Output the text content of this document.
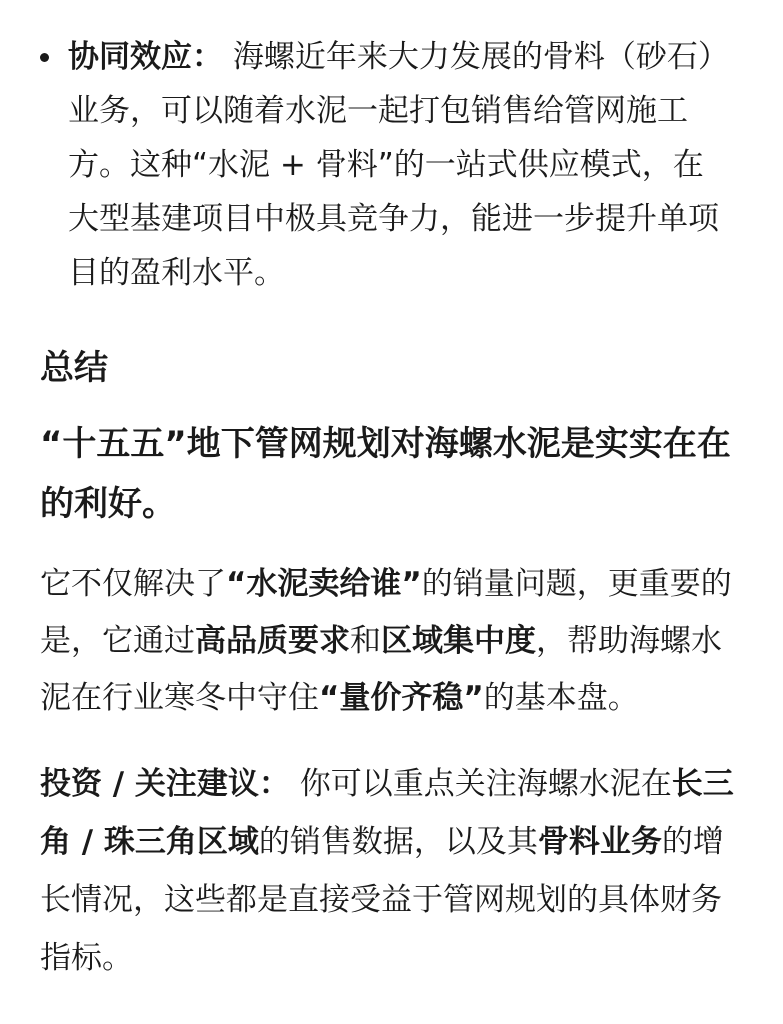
协同效应： 海螺近年来大力发展的骨料（砂石）业务，可以随着水泥一起打包销售给管网施工方。这种“水泥 + 骨料”的一站式供应模式，在大型基建项目中极具竞争力，能进一步提升单项目的盈利水平。
总结
“十五五”地下管网规划对海螺水泥是实实在在的利好。
它不仅解决了“水泥卖给谁”的销量问题，更重要的是，它通过高品质要求和区域集中度，帮助海螺水泥在行业寒冬中守住“量价齐稳”的基本盘。
投资 / 关注建议： 你可以重点关注海螺水泥在长三角 / 珠三角区域的销售数据，以及其骨料业务的增长情况，这些都是直接受益于管网规划的具体财务指标。
